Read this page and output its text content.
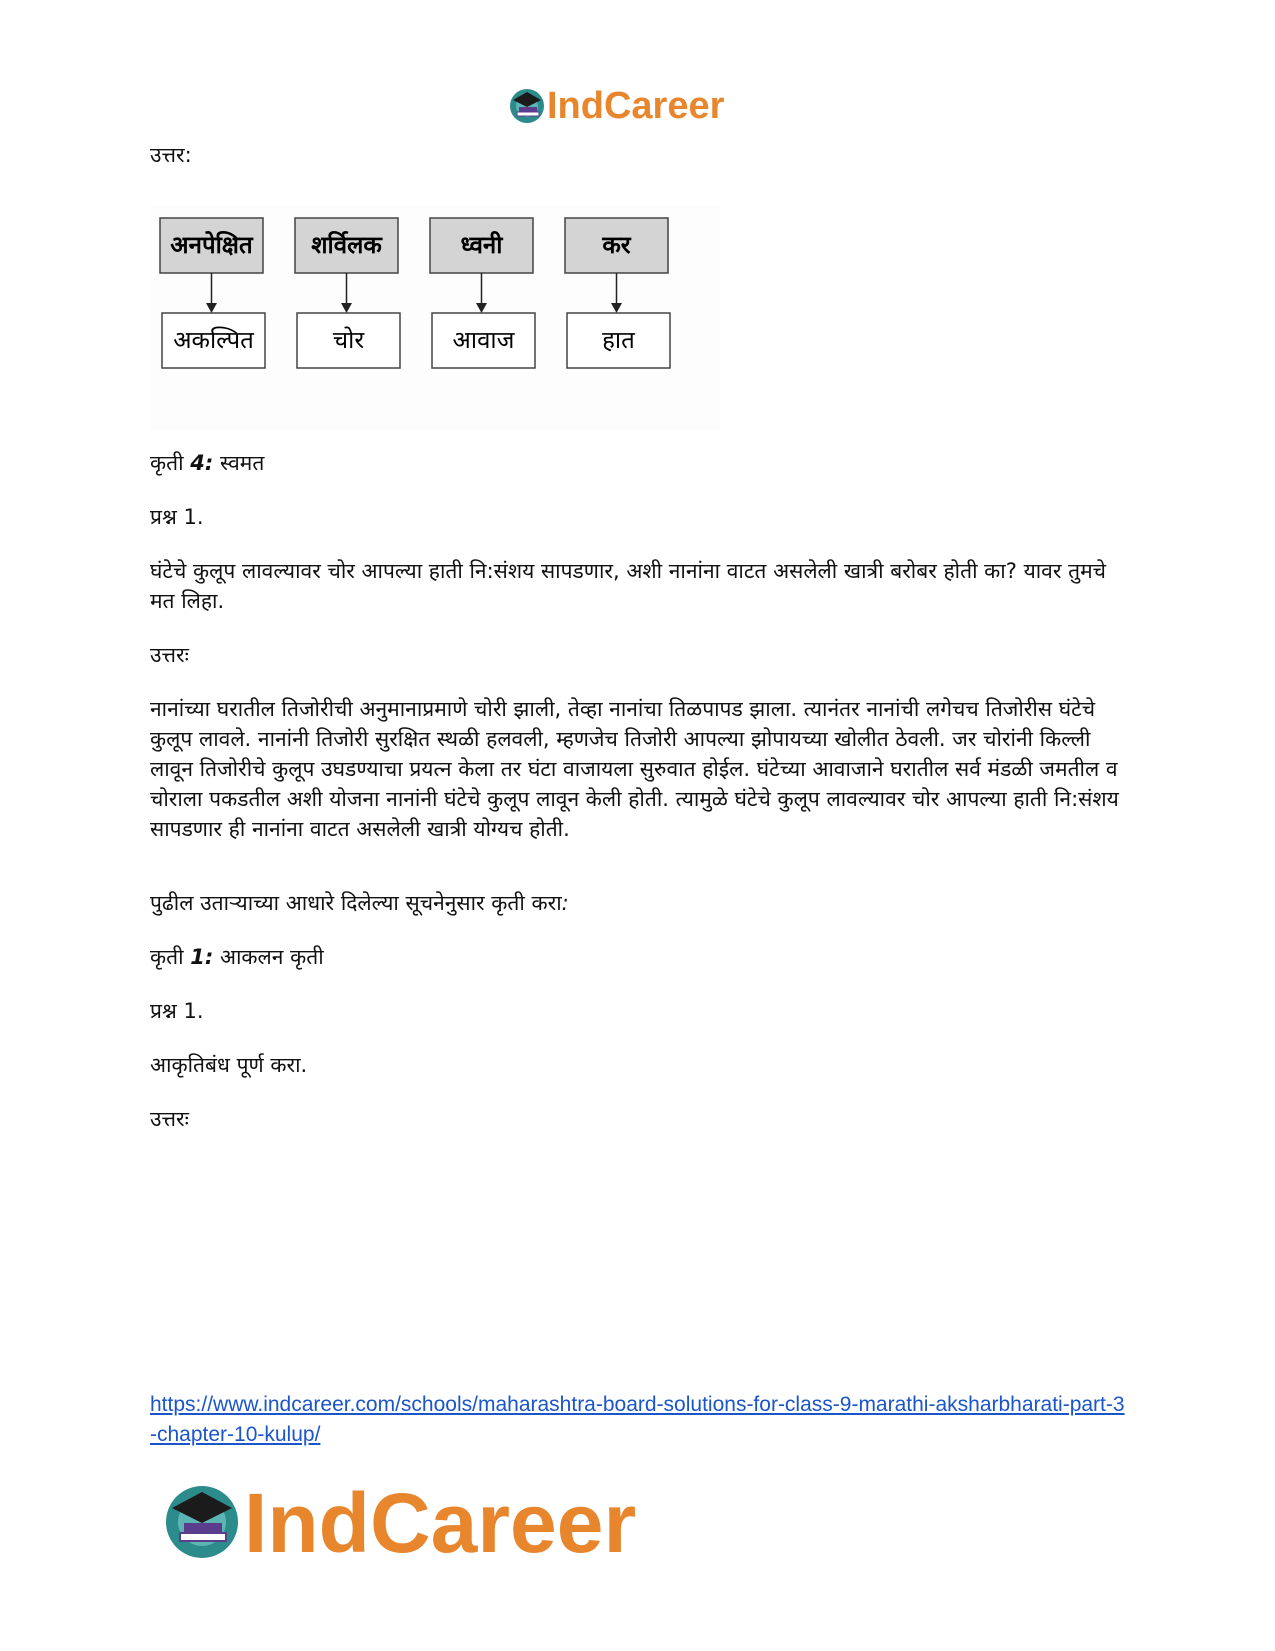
IndCareer

उत्तर:

अनपेक्षित
अकल्पित
शर्विलक
चोर
ध्वनी
आवाज
कर
हात

कृती 4: स्वमत

प्रश्न 1.

घंटेचे कुलूप लावल्यावर चोर आपल्या हाती नि:संशय सापडणार, अशी नानांना वाटत असलेली खात्री बरोबर होती का? यावर तुमचे मत लिहा.

उत्तरः

नानांच्या घरातील तिजोरीची अनुमानाप्रमाणे चोरी झाली, तेव्हा नानांचा तिळपापड झाला. त्यानंतर नानांची लगेचच तिजोरीस घंटेचे कुलूप लावले. नानांनी तिजोरी सुरक्षित स्थळी हलवली, म्हणजेच तिजोरी आपल्या झोपायच्या खोलीत ठेवली. जर चोरांनी किल्ली लावून तिजोरीचे कुलूप उघडण्याचा प्रयत्न केला तर घंटा वाजायला सुरुवात होईल. घंटेच्या आवाजाने घरातील सर्व मंडळी जमतील व चोराला पकडतील अशी योजना नानांनी घंटेचे कुलूप लावून केली होती. त्यामुळे घंटेचे कुलूप लावल्यावर चोर आपल्या हाती नि:संशय सापडणार ही नानांना वाटत असलेली खात्री योग्यच होती.

पुढील उताऱ्याच्या आधारे दिलेल्या सूचनेनुसार कृती करा:

कृती 1: आकलन कृती

प्रश्न 1.

आकृतिबंध पूर्ण करा.

उत्तरः

https://www.indcareer.com/schools/maharashtra-board-solutions-for-class-9-marathi-aksharbharati-part-3-chapter-10-kulup/
IndCareer
